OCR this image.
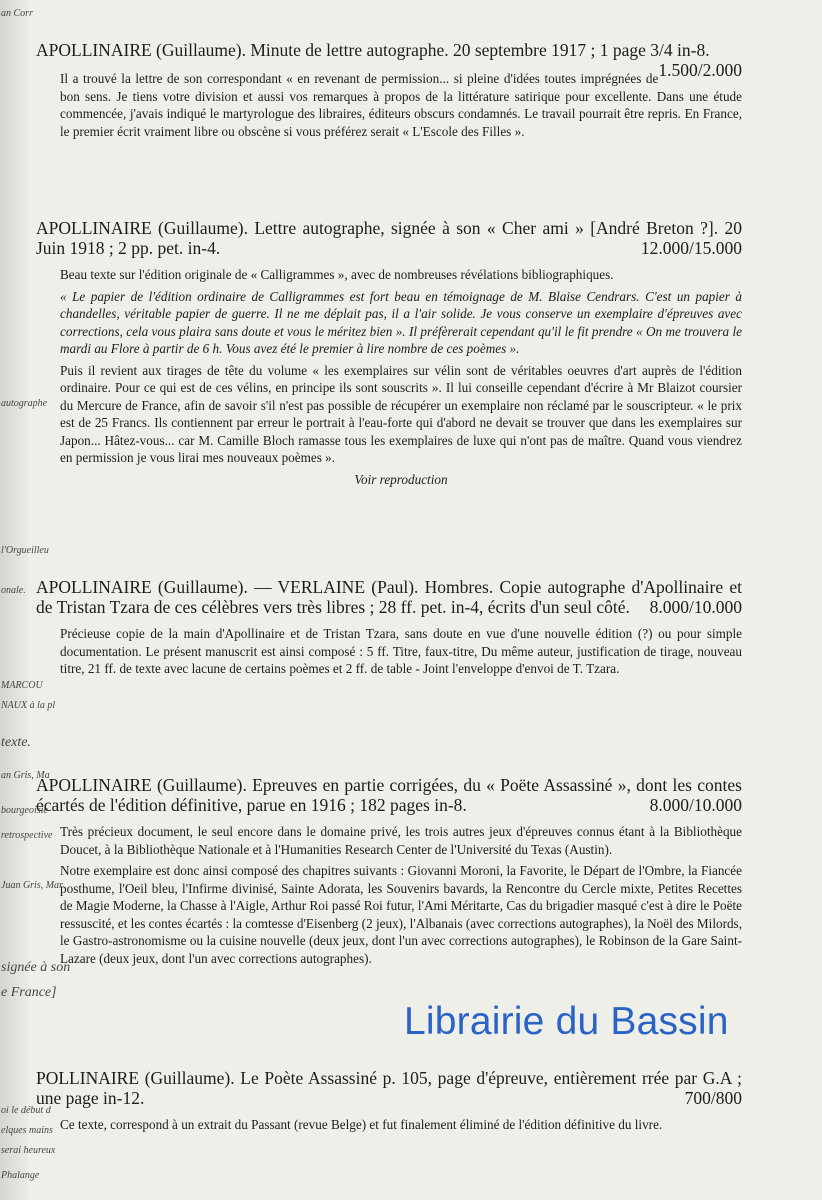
an Corr
autographe
l'Orgueilleu
onale.
MARCOU
NAUX à la pl
texte.
an Gris, Ma
bourgeoisie
retrospective
Juan Gris, Mar
signée à son
e France]
oi le début d
elques mains
serai heureux
Phalange

APOLLINAIRE (Guillaume). Minute de lettre autographe. 20 septembre 1917 ; 1 page 3/4 in-8.
1.500/2.000

Il a trouvé la lettre de son correspondant « en revenant de permission... si pleine d'idées toutes imprégnées de bon sens. Je tiens votre division et aussi vos remarques à propos de la littérature satirique pour excellente. Dans une étude commencée, j'avais indiqué le martyrologue des libraires, éditeurs obscurs condamnés. Le travail pourrait être repris. En France, le premier écrit vraiment libre ou obscène si vous préférez serait « L'Escole des Filles ».

APOLLINAIRE (Guillaume). Lettre autographe, signée à son « Cher ami » [André Breton ?]. 20 Juin 1918 ; 2 pp. pet. in-4.	12.000/15.000

Beau texte sur l'édition originale de « Calligrammes », avec de nombreuses révélations bibliographiques.

« Le papier de l'édition ordinaire de Calligrammes est fort beau en témoignage de M. Blaise Cendrars. C'est un papier à chandelles, véritable papier de guerre. Il ne me déplait pas, il a l'air solide. Je vous conserve un exemplaire d'épreuves avec corrections, cela vous plaira sans doute et vous le méritez bien ». Il préfèrerait cependant qu'il le fit prendre « On me trouvera le mardi au Flore à partir de 6 h. Vous avez été le premier à lire nombre de ces poèmes ».

Puis il revient aux tirages de tête du volume « les exemplaires sur vélin sont de véritables oeuvres d'art auprès de l'édition ordinaire. Pour ce qui est de ces vélins, en principe ils sont souscrits ». Il lui conseille cependant d'écrire à Mr Blaizot coursier du Mercure de France, afin de savoir s'il n'est pas possible de récupérer un exemplaire non réclamé par le souscripteur. « le prix est de 25 Francs. Ils contiennent par erreur le portrait à l'eau-forte qui d'abord ne devait se trouver que dans les exemplaires sur Japon... Hâtez-vous... car M. Camille Bloch ramasse tous les exemplaires de luxe qui n'ont pas de maître. Quand vous viendrez en permission je vous lirai mes nouveaux poèmes ».

Voir reproduction

APOLLINAIRE (Guillaume). — VERLAINE (Paul). Hombres. Copie autographe d'Apollinaire et de Tristan Tzara de ces célèbres vers très libres ; 28 ff. pet. in-4, écrits d'un seul côté. 8.000/10.000

Précieuse copie de la main d'Apollinaire et de Tristan Tzara, sans doute en vue d'une nouvelle édition (?) ou pour simple documentation. Le présent manuscrit est ainsi composé : 5 ff. Titre, faux-titre, Du même auteur, justification de tirage, nouveau titre, 21 ff. de texte avec lacune de certains poèmes et 2 ff. de table - Joint l'enveloppe d'envoi de T. Tzara.

APOLLINAIRE (Guillaume). Epreuves en partie corrigées, du « Poëte Assassiné », dont les contes écartés de l'édition définitive, parue en 1916 ; 182 pages in-8.	8.000/10.000

Très précieux document, le seul encore dans le domaine privé, les trois autres jeux d'épreuves connus étant à la Bibliothèque Doucet, à la Bibliothèque Nationale et à l'Humanities Research Center de l'Université du Texas (Austin).

Notre exemplaire est donc ainsi composé des chapitres suivants : Giovanni Moroni, la Favorite, le Départ de l'Ombre, la Fiancée posthume, l'Oeil bleu, l'Infirme divinisé, Sainte Adorata, les Souvenirs bavards, la Rencontre du Cercle mixte, Petites Recettes de Magie Moderne, la Chasse à l'Aigle, Arthur Roi passé Roi futur, l'Ami Méritarte, Cas du brigadier masqué c'est à dire le Poëte ressuscité, et les contes écartés : la comtesse d'Eisenberg (2 jeux), l'Albanais (avec corrections autographes), la Noël des Milords, le Gastro-astronomisme ou la cuisine nouvelle (deux jeux, dont l'un avec corrections autographes), le Robinson de la Gare Saint-Lazare (deux jeux, dont l'un avec corrections autographes).

POLLINAIRE (Guillaume). Le Poète Assassiné p. 105, page d'épreuve, entièrement rrée par G.A ; une page in-12.	700/800

Ce texte, correspond à un extrait du Passant (revue Belge) et fut finalement éliminé de l'édition définitive du livre.

Librairie du Bassin
